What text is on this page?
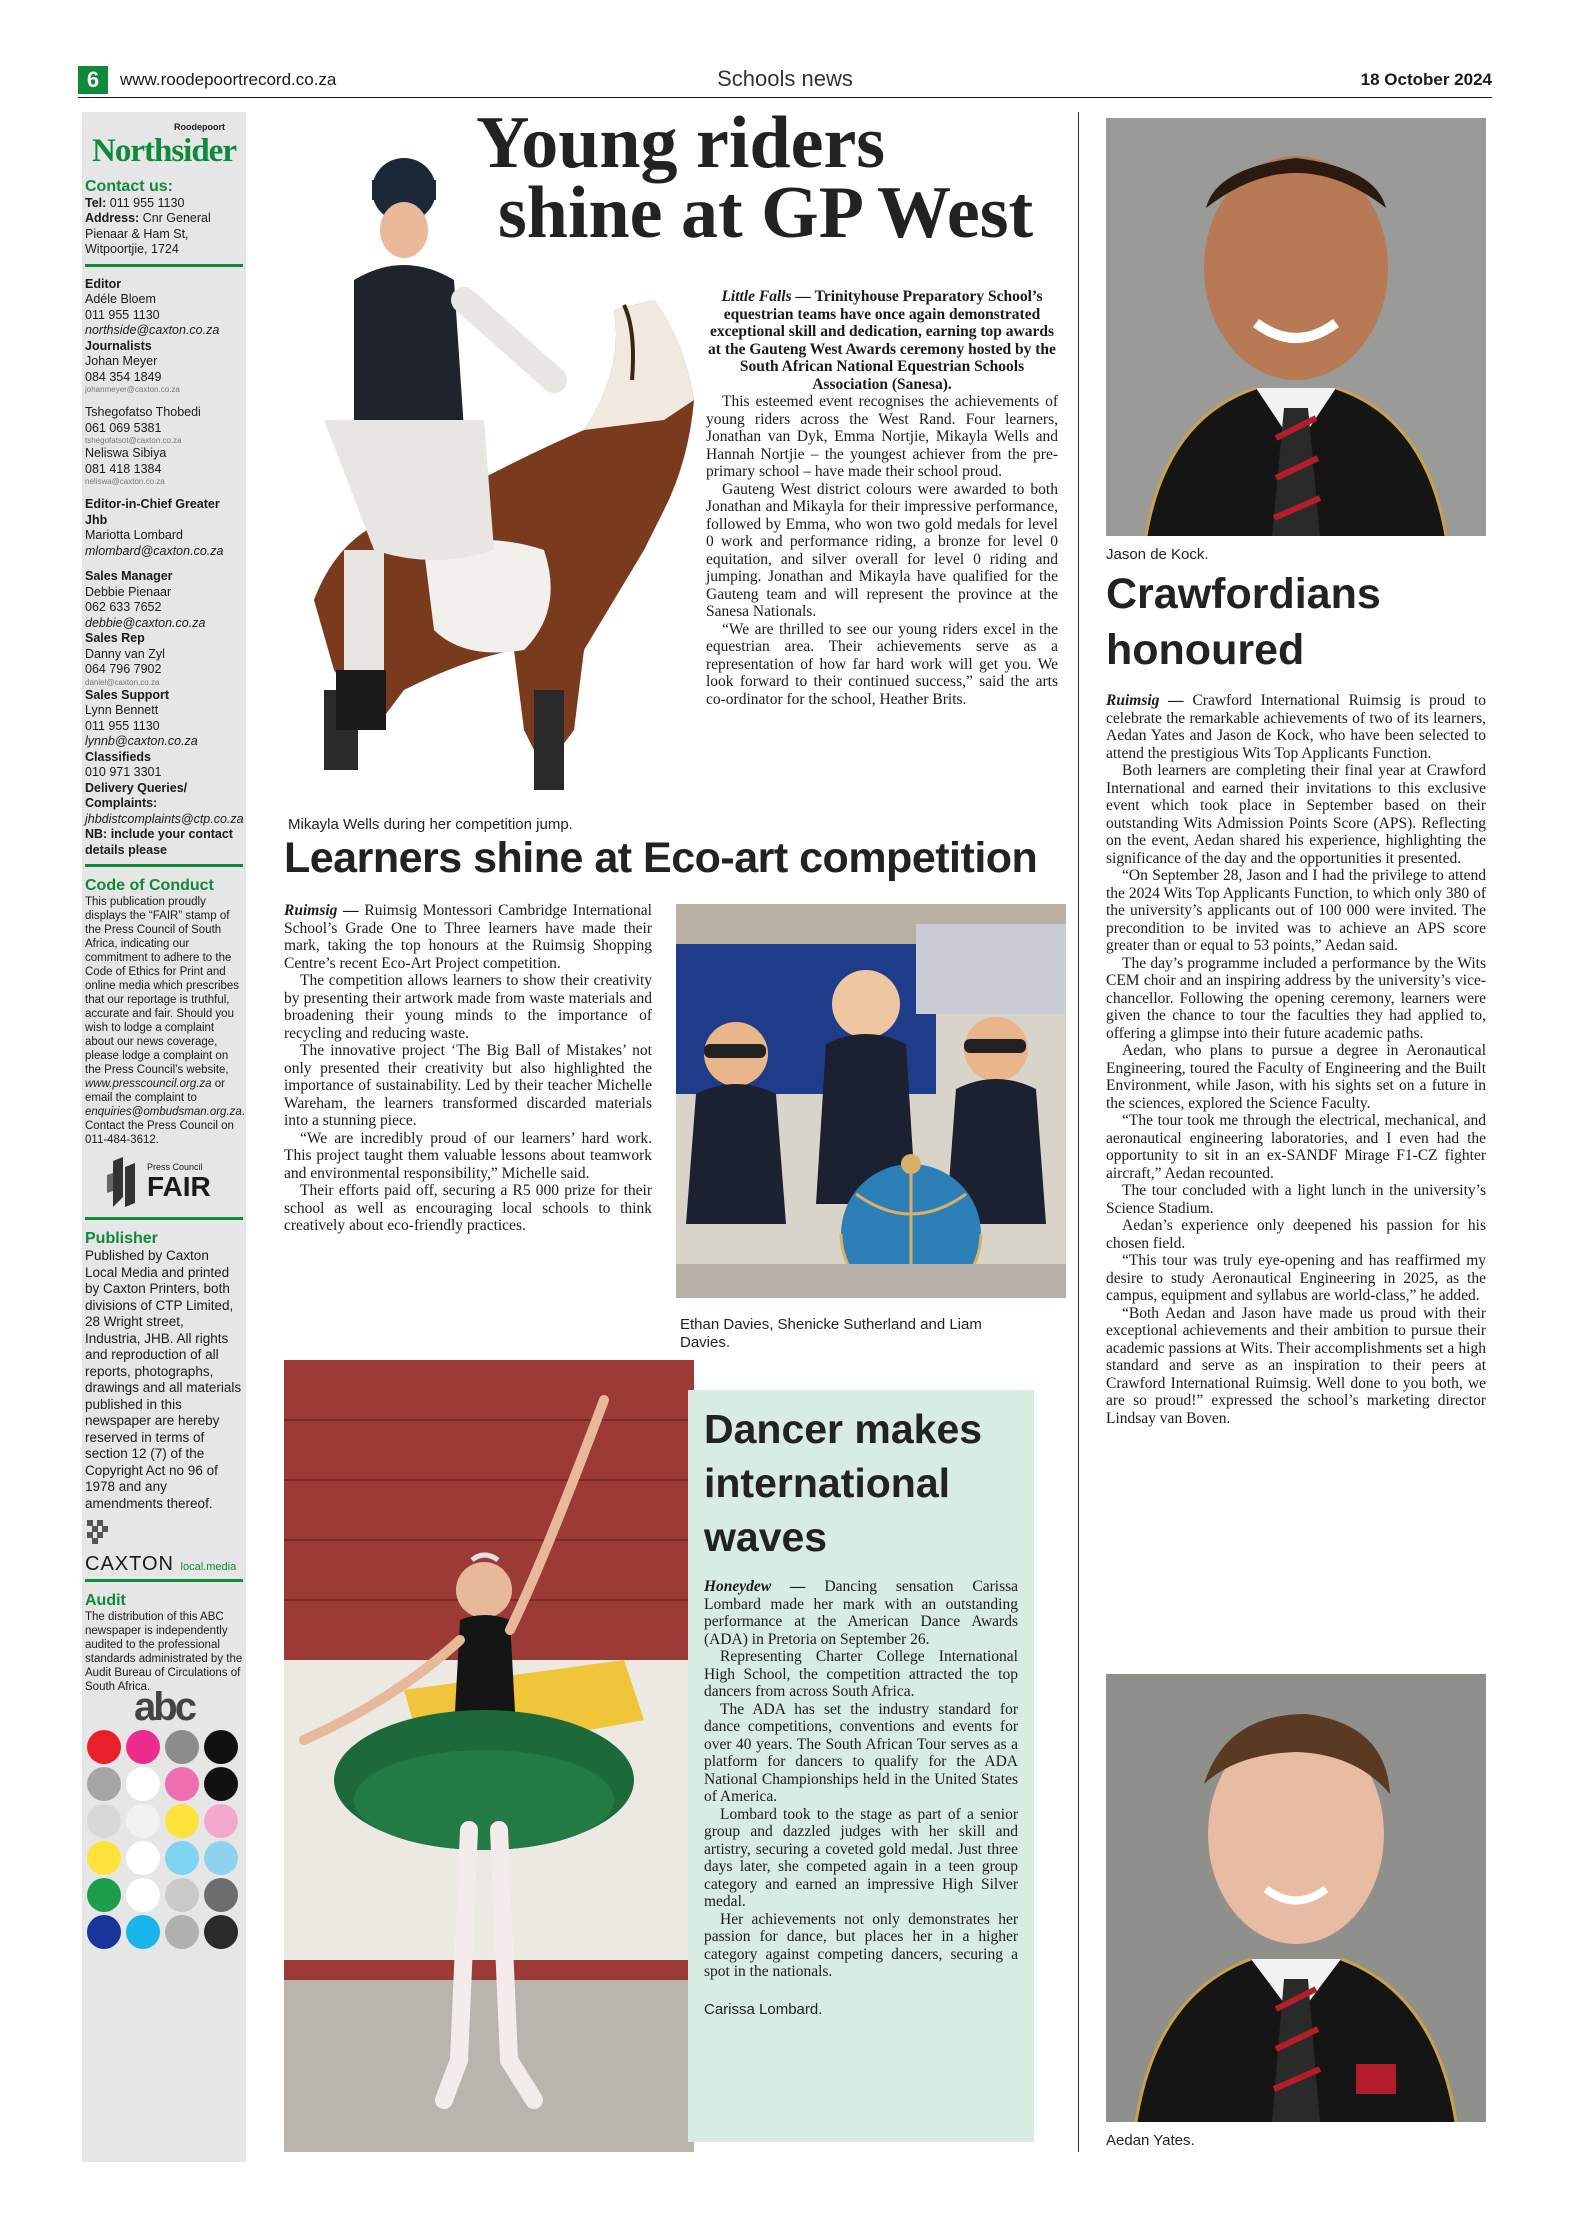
6	www.roodepoortrecord.co.za	Schools news	18 October 2024
Roodepoort
Northsider
Contact us:
Tel: 011 955 1130
Address: Cnr General Pienaar & Ham St, Witpoortjie, 1724
Editor
Adéle Bloem
011 955 1130
northside@caxton.co.za
Journalists
Johan Meyer
084 354 1849
johanmeyer@caxton.co.za
Tshegofatso Thobedi
061 069 5381
tshegofatsot@caxton.co.za
Neliswa Sibiya
081 418 1384
neliswa@caxton.co.za
Editor-in-Chief Greater Jhb
Mariotta Lombard
mlombard@caxton.co.za
Sales Manager
Debbie Pienaar
062 633 7652
debbie@caxton.co.za
Sales Rep
Danny van Zyl
064 796 7902
daniel@caxton.co.za
Sales Support
Lynn Bennett
011 955 1130
lynnb@caxton.co.za
Classifieds
010 971 3301
Delivery Queries/ Complaints:
jhbdistcomplaints@ctp.co.za
NB: include your contact details please
Code of Conduct
This publication proudly displays the “FAIR” stamp of the Press Council of South Africa, indicating our commitment to adhere to the Code of Ethics for Print and online media which prescribes that our reportage is truthful, accurate and fair. Should you wish to lodge a complaint about our news coverage, please lodge a complaint on the Press Council’s website, www.presscouncil.org.za or email the complaint to enquiries@ombudsman.org.za. Contact the Press Council on 011-484-3612.
Press Council
FAIR
Publisher
Published by Caxton Local Media and printed by Caxton Printers, both divisions of CTP Limited, 28 Wright street, Industria, JHB. All rights and reproduction of all reports, photographs, drawings and all materials published in this newspaper are hereby reserved in terms of section 12 (7) of the Copyright Act no 96 of 1978 and any amendments thereof.
CAXTON local.media
Audit
The distribution of this ABC newspaper is independently audited to the professional standards administrated by the Audit Bureau of Circulations of South Africa.
abc
Young riders
shine at GP West

Little Falls — Trinityhouse Preparatory School’s equestrian teams have once again demonstrated exceptional skill and dedication, earning top awards at the Gauteng West Awards ceremony hosted by the South African National Equestrian Schools Association (Sanesa).

This esteemed event recognises the achievements of young riders across the West Rand. Four learners, Jonathan van Dyk, Emma Nortjie, Mikayla Wells and Hannah Nortjie – the youngest achiever from the pre-primary school – have made their school proud.

Gauteng West district colours were awarded to both Jonathan and Mikayla for their impressive performance, followed by Emma, who won two gold medals for level 0 work and performance riding, a bronze for level 0 equitation, and silver overall for level 0 riding and jumping. Jonathan and Mikayla have qualified for the Gauteng team and will represent the province at the Sanesa Nationals.

“We are thrilled to see our young riders excel in the equestrian area. Their achievements serve as a representation of how far hard work will get you. We look forward to their continued success,” said the arts co-ordinator for the school, Heather Brits.

Mikayla Wells during her competition jump.
Learners shine at Eco-art competition

Ruimsig — Ruimsig Montessori Cambridge International School’s Grade One to Three learners have made their mark, taking the top honours at the Ruimsig Shopping Centre’s recent Eco-Art Project competition.

The competition allows learners to show their creativity by presenting their artwork made from waste materials and broadening their young minds to the importance of recycling and reducing waste.

The innovative project ‘The Big Ball of Mistakes’ not only presented their creativity but also highlighted the importance of sustainability. Led by their teacher Michelle Wareham, the learners transformed discarded materials into a stunning piece.

“We are incredibly proud of our learners’ hard work. This project taught them valuable lessons about teamwork and environmental responsibility,” Michelle said.

Their efforts paid off, securing a R5 000 prize for their school as well as encouraging local schools to think creatively about eco-friendly practices.

Ethan Davies, Shenicke Sutherland and Liam Davies.
Dancer makes
international
waves

Honeydew — Dancing sensation Carissa Lombard made her mark with an outstanding performance at the American Dance Awards (ADA) in Pretoria on September 26.

Representing Charter College International High School, the competition attracted the top dancers from across South Africa.

The ADA has set the industry standard for dance competitions, conventions and events for over 40 years. The South African Tour serves as a platform for dancers to qualify for the ADA National Championships held in the United States of America.

Lombard took to the stage as part of a senior group and dazzled judges with her skill and artistry, securing a coveted gold medal. Just three days later, she competed again in a teen group category and earned an impressive High Silver medal.

Her achievements not only demonstrates her passion for dance, but places her in a higher category against competing dancers, securing a spot in the nationals.

Carissa Lombard.
Jason de Kock.
Crawfordians
honoured

Ruimsig — Crawford International Ruimsig is proud to celebrate the remarkable achievements of two of its learners, Aedan Yates and Jason de Kock, who have been selected to attend the prestigious Wits Top Applicants Function.

Both learners are completing their final year at Crawford International and earned their invitations to this exclusive event which took place in September based on their outstanding Wits Admission Points Score (APS). Reflecting on the event, Aedan shared his experience, highlighting the significance of the day and the opportunities it presented.

“On September 28, Jason and I had the privilege to attend the 2024 Wits Top Applicants Function, to which only 380 of the university’s applicants out of 100 000 were invited. The precondition to be invited was to achieve an APS score greater than or equal to 53 points,” Aedan said.

The day’s programme included a performance by the Wits CEM choir and an inspiring address by the university’s vice-chancellor. Following the opening ceremony, learners were given the chance to tour the faculties they had applied to, offering a glimpse into their future academic paths.

Aedan, who plans to pursue a degree in Aeronautical Engineering, toured the Faculty of Engineering and the Built Environment, while Jason, with his sights set on a future in the sciences, explored the Science Faculty.

“The tour took me through the electrical, mechanical, and aeronautical engineering laboratories, and I even had the opportunity to sit in an ex-SANDF Mirage F1-CZ fighter aircraft,” Aedan recounted.

The tour concluded with a light lunch in the university’s Science Stadium.

Aedan’s experience only deepened his passion for his chosen field.

“This tour was truly eye-opening and has reaffirmed my desire to study Aeronautical Engineering in 2025, as the campus, equipment and syllabus are world-class,” he added.

“Both Aedan and Jason have made us proud with their exceptional achievements and their ambition to pursue their academic passions at Wits. Their accomplishments set a high standard and serve as an inspiration to their peers at Crawford International Ruimsig. Well done to you both, we are so proud!” expressed the school’s marketing director Lindsay van Boven.

Aedan Yates.
